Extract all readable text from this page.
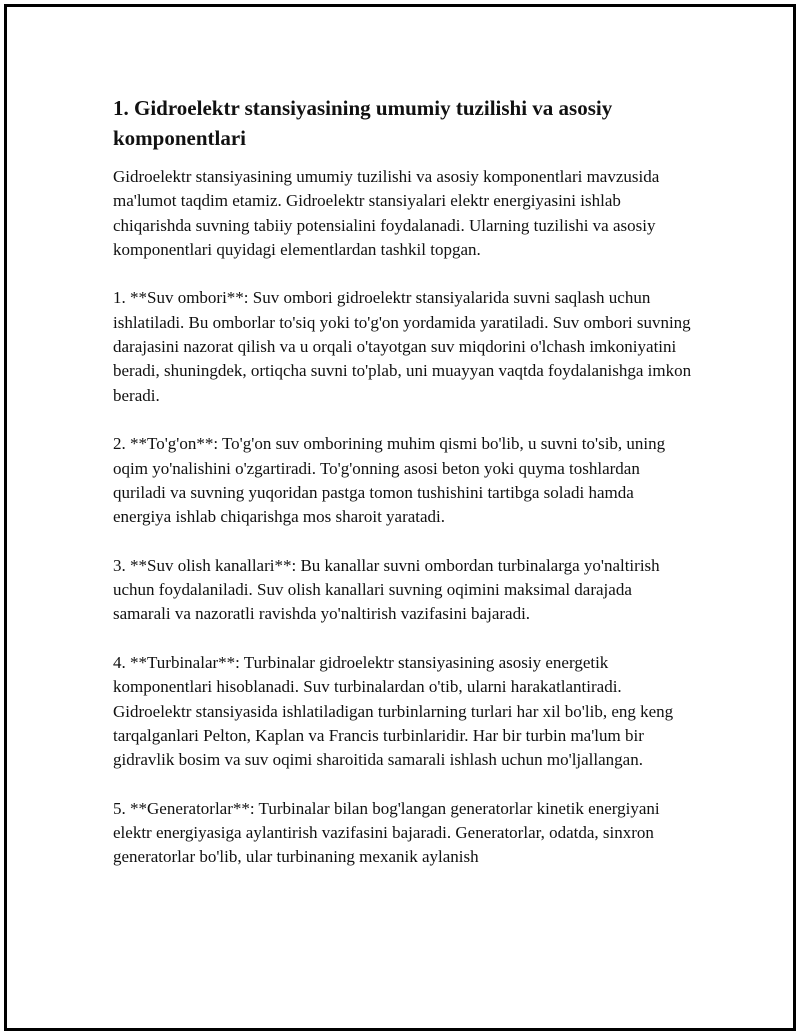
1. Gidroelektr stansiyasining umumiy tuzilishi va asosiy komponentlari

Gidroelektr stansiyasining umumiy tuzilishi va asosiy komponentlari mavzusida ma'lumot taqdim etamiz. Gidroelektr stansiyalari elektr energiyasini ishlab chiqarishda suvning tabiiy potensialini foydalanadi. Ularning tuzilishi va asosiy komponentlari quyidagi elementlardan tashkil topgan.

1. **Suv ombori**: Suv ombori gidroelektr stansiyalarida suvni saqlash uchun ishlatiladi. Bu omborlar to'siq yoki to'g'on yordamida yaratiladi. Suv ombori suvning darajasini nazorat qilish va u orqali o'tayotgan suv miqdorini o'lchash imkoniyatini beradi, shuningdek, ortiqcha suvni to'plab, uni muayyan vaqtda foydalanishga imkon beradi.

2. **To'g'on**: To'g'on suv omborining muhim qismi bo'lib, u suvni to'sib, uning oqim yo'nalishini o'zgartiradi. To'g'onning asosi beton yoki quyma toshlardan quriladi va suvning yuqoridan pastga tomon tushishini tartibga soladi hamda energiya ishlab chiqarishga mos sharoit yaratadi.

3. **Suv olish kanallari**: Bu kanallar suvni ombordan turbinalarga yo'naltirish uchun foydalaniladi. Suv olish kanallari suvning oqimini maksimal darajada samarali va nazoratli ravishda yo'naltirish vazifasini bajaradi.

4. **Turbinalar**: Turbinalar gidroelektr stansiyasining asosiy energetik komponentlari hisoblanadi. Suv turbinalardan o'tib, ularni harakatlantiradi. Gidroelektr stansiyasida ishlatiladigan turbinlarning turlari har xil bo'lib, eng keng tarqalganlari Pelton, Kaplan va Francis turbinlaridir. Har bir turbin ma'lum bir gidravlik bosim va suv oqimi sharoitida samarali ishlash uchun mo'ljallangan.

5. **Generatorlar**: Turbinalar bilan bog'langan generatorlar kinetik energiyani elektr energiyasiga aylantirish vazifasini bajaradi. Generatorlar, odatda, sinxron generatorlar bo'lib, ular turbinaning mexanik aylanish
